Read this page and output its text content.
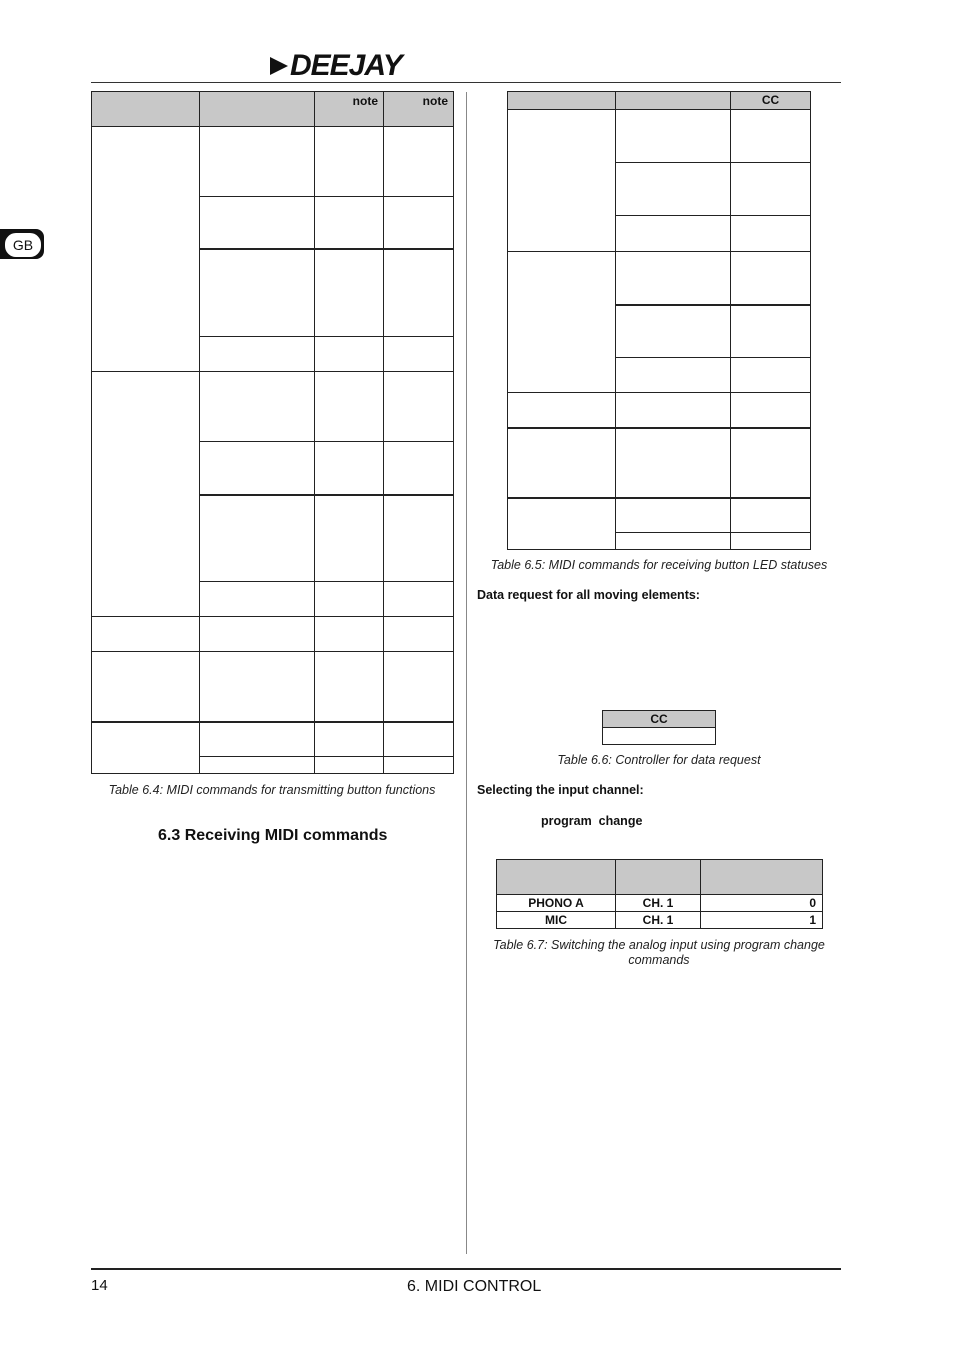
DEEJAY
GB

		note	note

Table 6.4: MIDI commands for transmitting button functions
6.3 Receiving MIDI commands

		CC

Table 6.5: MIDI commands for receiving button LED statuses
Data request for all moving elements:
CC

Table 6.6: Controller for data request
Selecting the input channel:
program  change

PHONO A	CH. 1	0
MIC	CH. 1	1
Table 6.7: Switching the analog input using program change
commands
14	6. MIDI CONTROL
